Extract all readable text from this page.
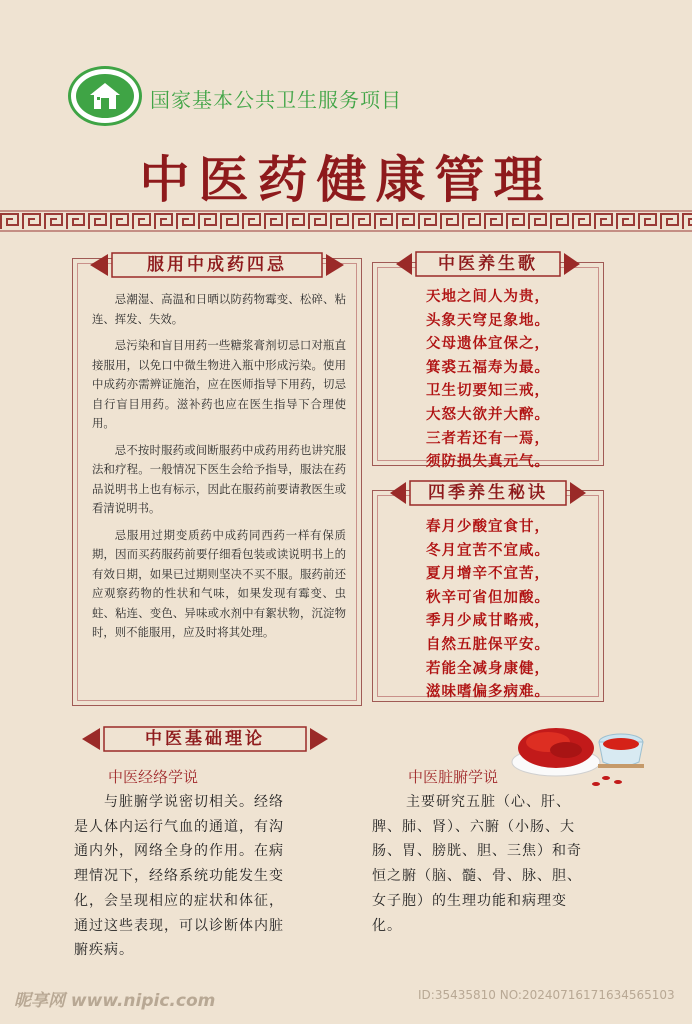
国家基本公共卫生服务项目
中医药健康管理
服用中成药四忌

忌潮湿、高温和日晒以防药物霉变、松碎、粘连、挥发、失效。

忌污染和盲目用药一些糖浆膏剂切忌口对瓶直接服用，以免口中微生物进入瓶中形成污染。使用中成药亦需辨证施治，应在医师指导下用药，切忌自行盲目用药。滋补药也应在医生指导下合理使用。

忌不按时服药或间断服药中成药用药也讲究服法和疗程。一般情况下医生会给予指导，服法在药品说明书上也有标示，因此在服药前要请教医生或看清说明书。

忌服用过期变质药中成药同西药一样有保质期，因而买药服药前要仔细看包装或读说明书上的有效日期，如果已过期则坚决不买不服。服药前还应观察药物的性状和气味，如果发现有霉变、虫蛀、粘连、变色、异味或水剂中有絮状物，沉淀物时，则不能服用，应及时将其处理。

中医养生歌
天地之间人为贵，
头象天穹足象地。
父母遗体宜保之，
箕裘五福寿为最。
卫生切要知三戒，
大怒大欲并大醉。
三者若还有一焉，
须防损失真元气。
四季养生秘诀
春月少酸宜食甘，
冬月宜苦不宜咸。
夏月增辛不宜苦，
秋辛可省但加酸。
季月少咸甘略戒，
自然五脏保平安。
若能全减身康健，
滋味嗜偏多病难。
中医基础理论
中医经络学说
与脏腑学说密切相关。经络
是人体内运行气血的通道，有沟
通内外，网络全身的作用。在病
理情况下，经络系统功能发生变
化，会呈现相应的症状和体征，
通过这些表现，可以诊断体内脏
腑疾病。
中医脏腑学说
主要研究五脏（心、肝、
脾、肺、肾）、六腑（小肠、大
肠、胃、膀胱、胆、三焦）和奇
恒之腑（脑、髓、骨、脉、胆、
女子胞）的生理功能和病理变
化。
昵享网 www.nipic.com	ID:35435810 NO:20240716171634565103
